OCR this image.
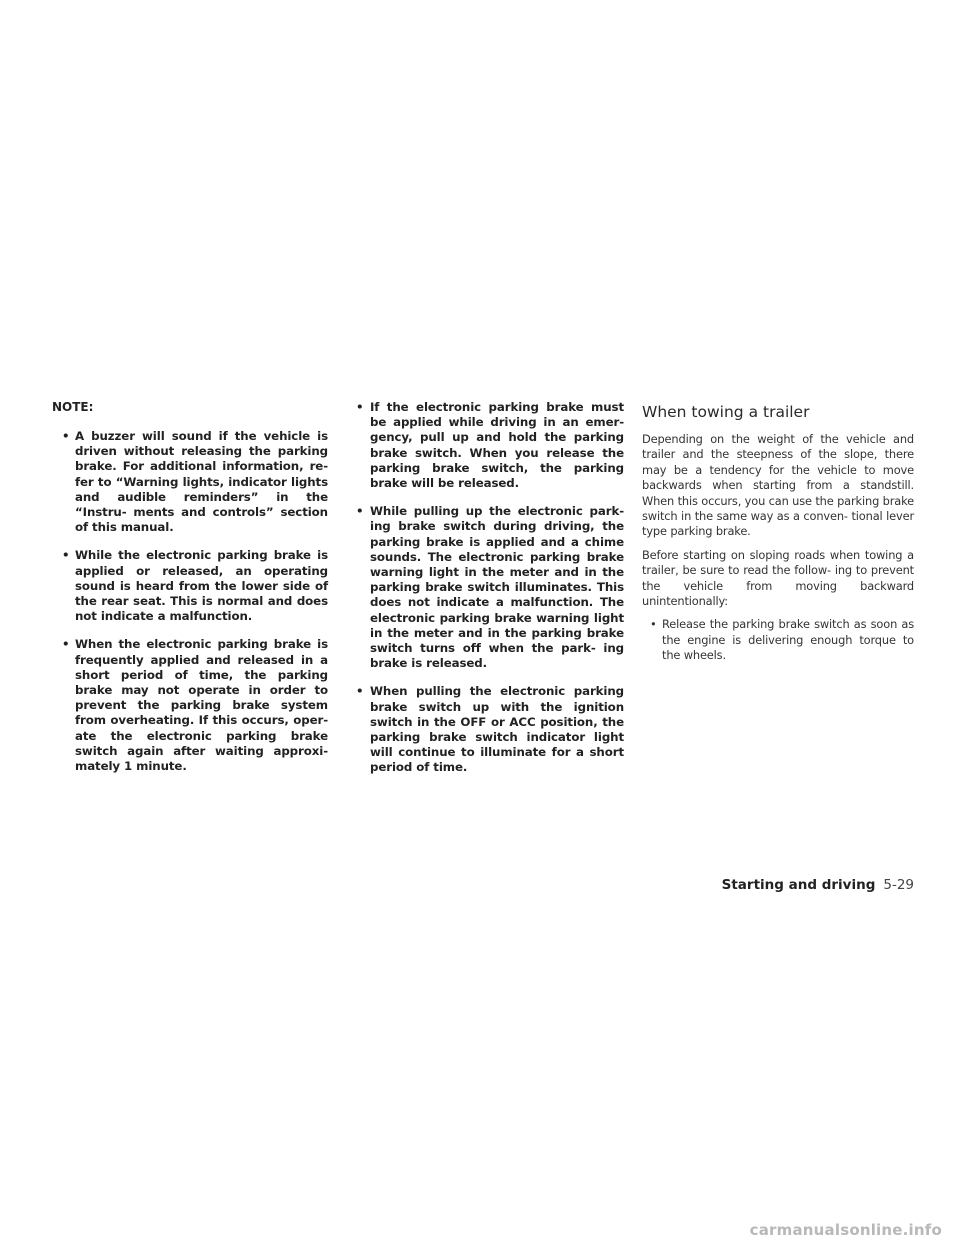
NOTE:
• A buzzer will sound if the vehicle is driven without releasing the parking brake. For additional information, re- fer to “Warning lights, indicator lights and audible reminders” in the “Instru- ments and controls” section of this manual.
• While the electronic parking brake is applied or released, an operating sound is heard from the lower side of the rear seat. This is normal and does not indicate a malfunction.
• When the electronic parking brake is frequently applied and released in a short period of time, the parking brake may not operate in order to prevent the parking brake system from overheating. If this occurs, oper- ate the electronic parking brake switch again after waiting approxi- mately 1 minute.
• If the electronic parking brake must be applied while driving in an emer- gency, pull up and hold the parking brake switch. When you release the parking brake switch, the parking brake will be released.
• While pulling up the electronic park- ing brake switch during driving, the parking brake is applied and a chime sounds. The electronic parking brake warning light in the meter and in the parking brake switch illuminates. This does not indicate a malfunction. The electronic parking brake warning light in the meter and in the parking brake switch turns off when the park- ing brake is released.
• When pulling the electronic parking brake switch up with the ignition switch in the OFF or ACC position, the parking brake switch indicator light will continue to illuminate for a short period of time.
When towing a trailer

Depending on the weight of the vehicle and trailer and the steepness of the slope, there may be a tendency for the vehicle to move backwards when starting from a standstill. When this occurs, you can use the parking brake switch in the same way as a conven- tional lever type parking brake.

Before starting on sloping roads when towing a trailer, be sure to read the follow- ing to prevent the vehicle from moving backward unintentionally:

• Release the parking brake switch as soon as the engine is delivering enough torque to the wheels.
Starting and driving 5-29
carmanualsonline.info
